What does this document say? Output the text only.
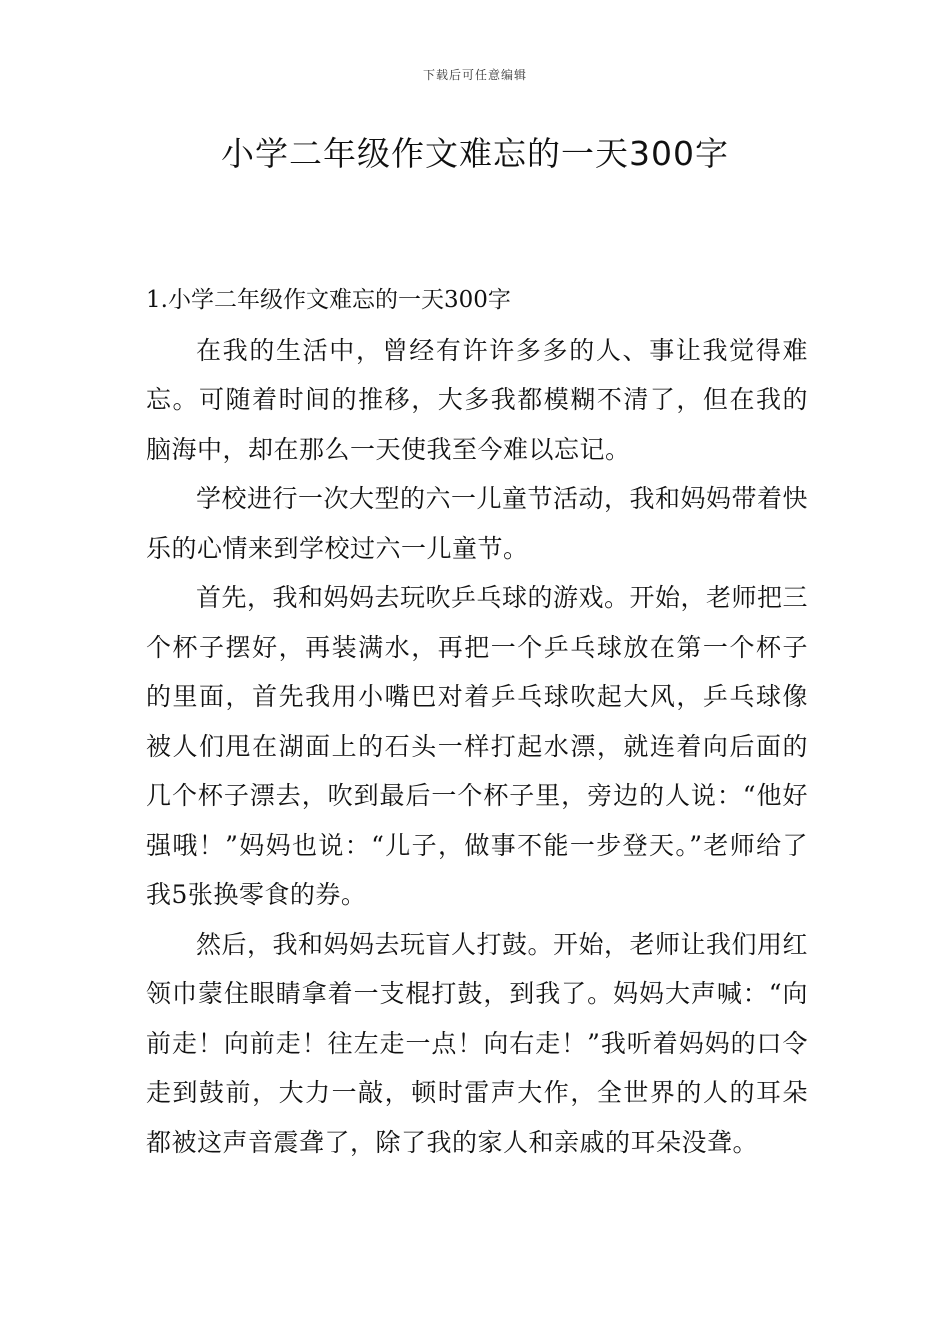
下载后可任意编辑
小学二年级作文难忘的一天300字

1.小学二年级作文难忘的一天300字

在我的生活中，曾经有许许多多的人、事让我觉得难忘。可随着时间的推移，大多我都模糊不清了，但在我的脑海中，却在那么一天使我至今难以忘记。

学校进行一次大型的六一儿童节活动，我和妈妈带着快乐的心情来到学校过六一儿童节。

首先，我和妈妈去玩吹乒乓球的游戏。开始，老师把三个杯子摆好，再装满水，再把一个乒乓球放在第一个杯子的里面，首先我用小嘴巴对着乒乓球吹起大风，乒乓球像被人们甩在湖面上的石头一样打起水漂，就连着向后面的几个杯子漂去，吹到最后一个杯子里，旁边的人说：“他好强哦！”妈妈也说：“儿子，做事不能一步登天。”老师给了我5张换零食的券。

然后，我和妈妈去玩盲人打鼓。开始，老师让我们用红领巾蒙住眼睛拿着一支棍打鼓，到我了。妈妈大声喊：“向前走！向前走！往左走一点！向右走！”我听着妈妈的口令走到鼓前，大力一敲，顿时雷声大作，全世界的人的耳朵都被这声音震聋了，除了我的家人和亲戚的耳朵没聋。
